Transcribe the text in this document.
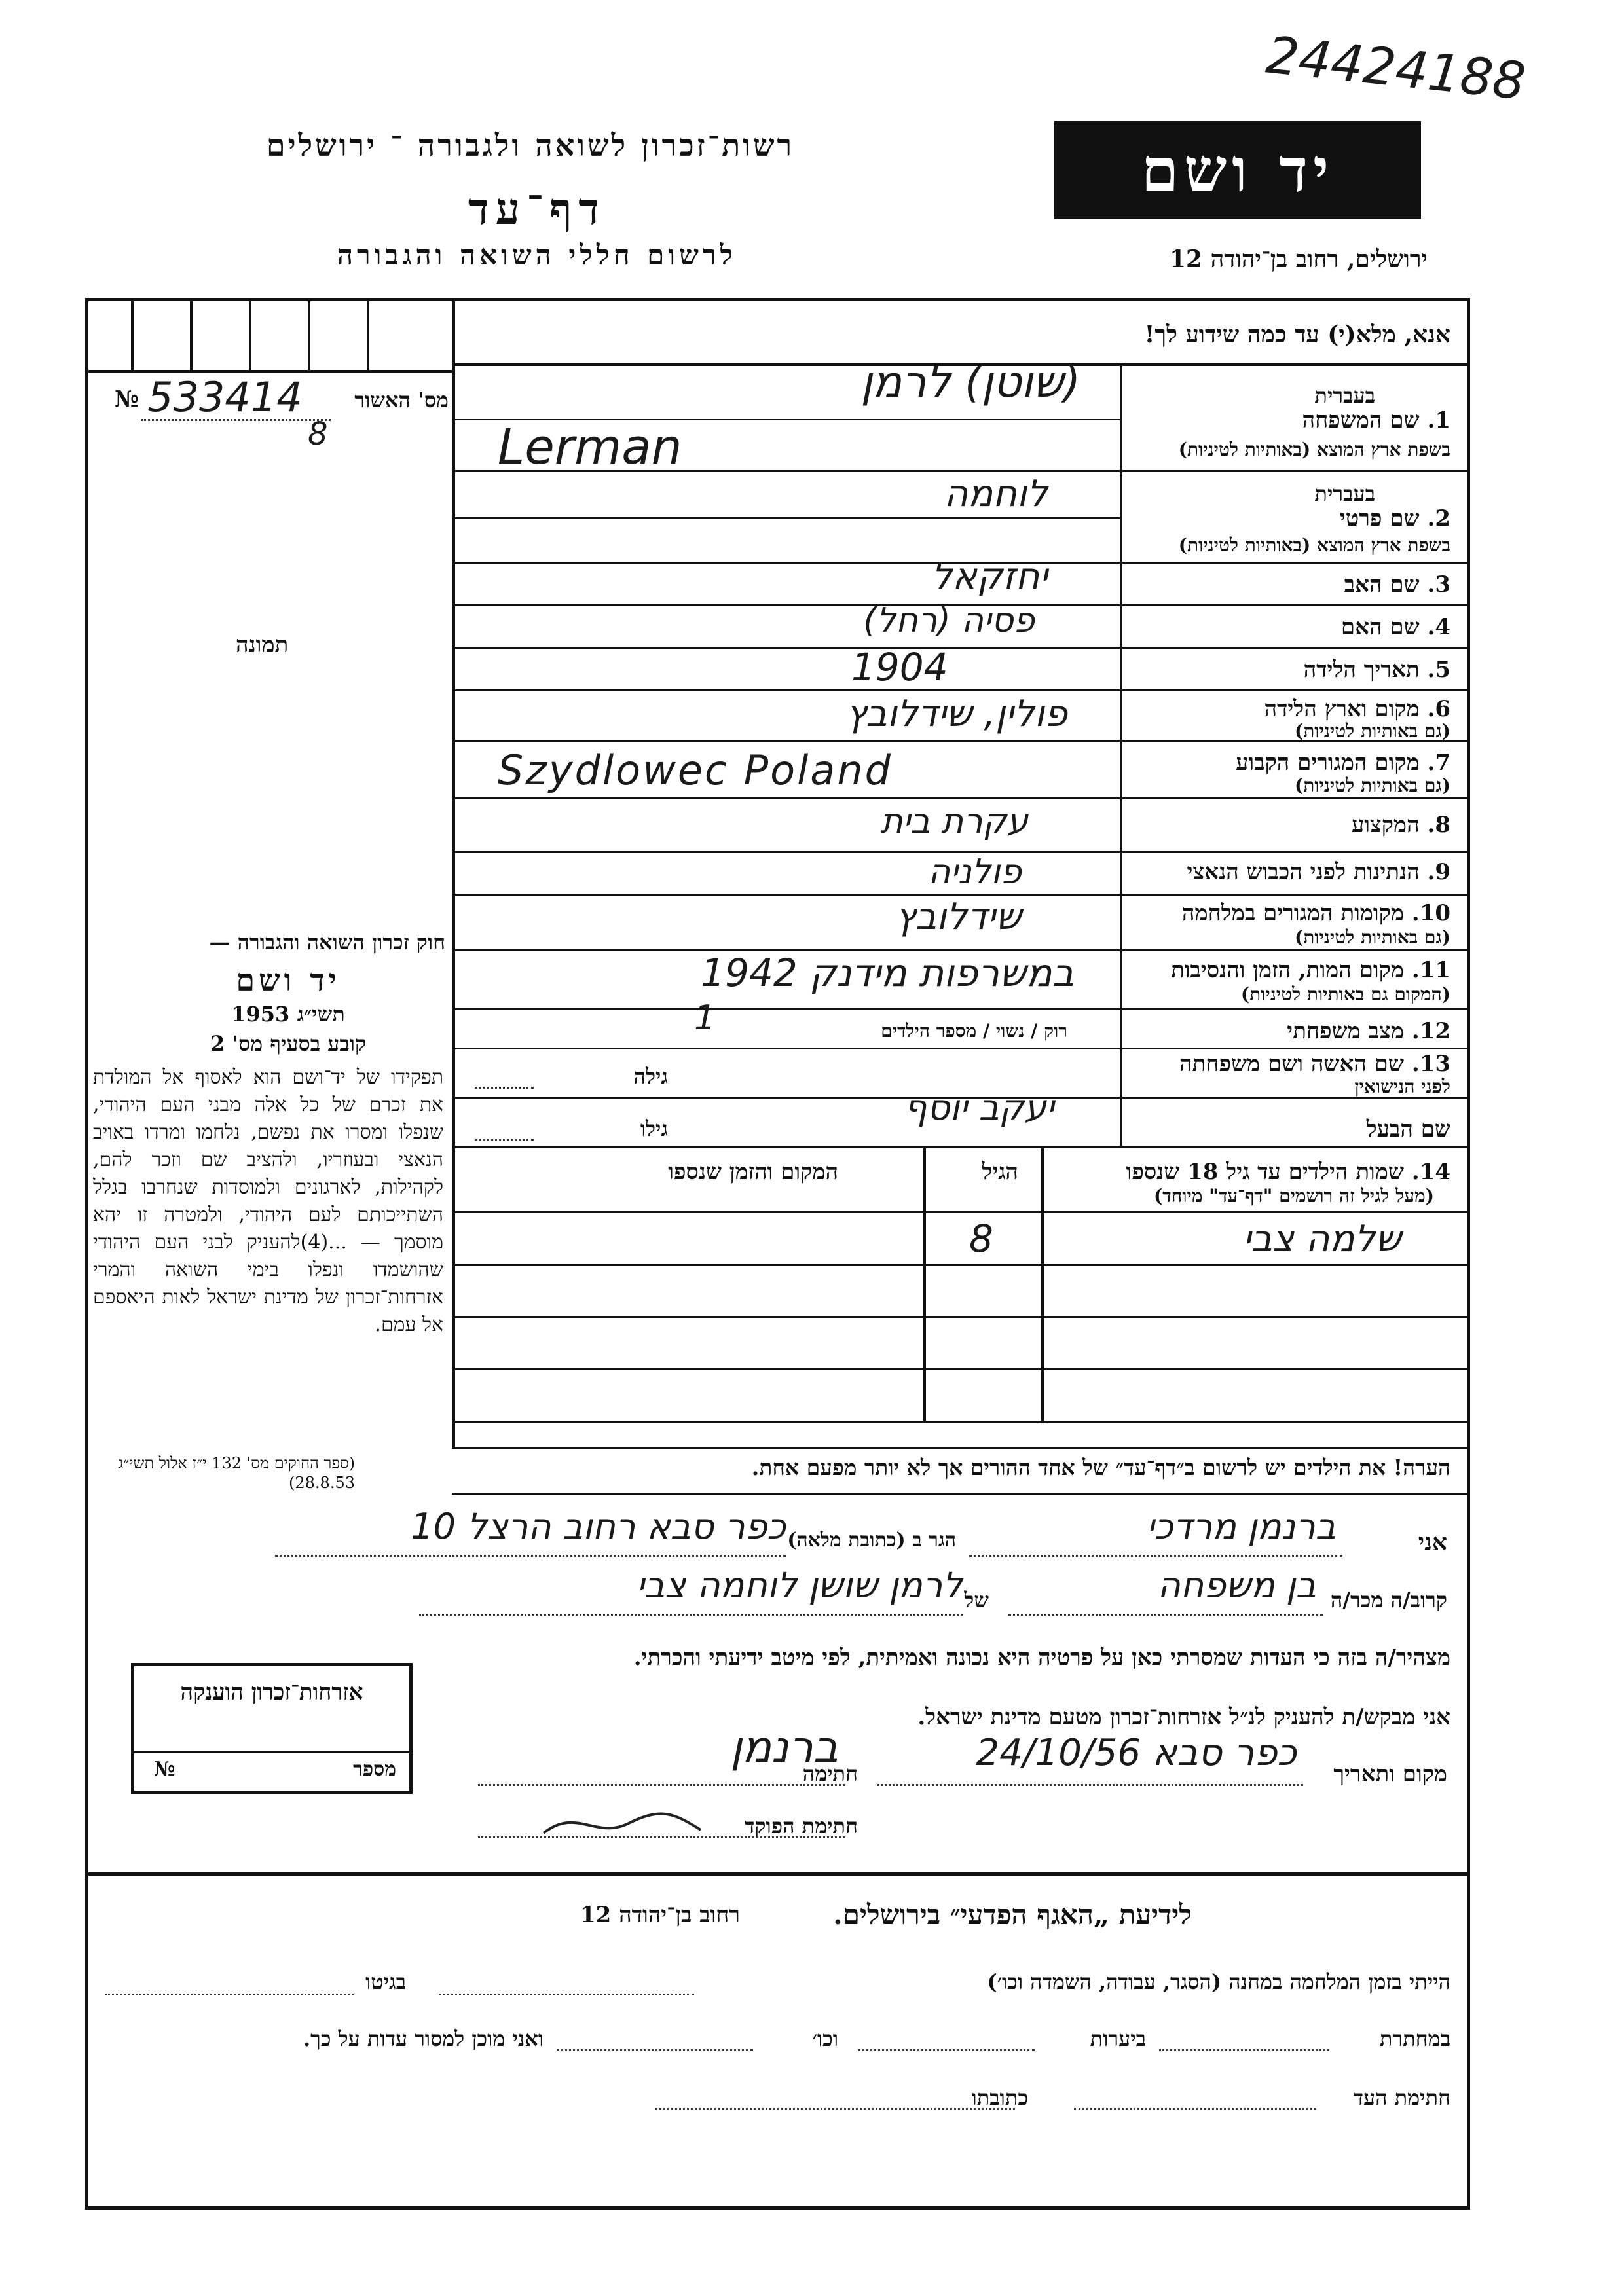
24424188
רשות־זכרון לשואה ולגבורה ־ ירושלים
דף־עד
לרשום חללי השואה והגבורה
יד ושם
ירושלים, רחוב בן־יהודה 12
אנא, מלא(י) עד כמה שידוע לך!
מס' האשור
№ 533414
8
תמונה
בעברית
1. שם המשפחה
בשפת ארץ המוצא (באותיות לטיניות)
(שוטן) לרמן
Lerman
בעברית
2. שם פרטי
בשפת ארץ המוצא (באותיות לטיניות)
לוחמה
3. שם האב
יחזקאל
4. שם האם
פסיה (רחל)
5. תאריך הלידה
1904
6. מקום וארץ הלידה
(גם באותיות לטיניות)
פולין, שידלובץ
7. מקום המגורים הקבוע
(גם באותיות לטיניות)
Szydlowec Poland
8. המקצוע
עקרת בית
9. הנתינות לפני הכבוש הנאצי
פולניה
10. מקומות המגורים במלחמה
(גם באותיות לטיניות)
שידלובץ
11. מקום המות, הזמן והנסיבות
(המקום גם באותיות לטיניות)
במשרפות מידנק 1942
12. מצב משפחתי
רוק / נשוי / מספר הילדים
1
13. שם האשה ושם משפחתה
לפני הנישואין
גילה
שם הבעל
גילו
יעקב יוסף
14. שמות הילדים עד גיל 18 שנספו
(מעל לגיל זה רושמים "דף־עד" מיוחד)
הגיל
המקום והזמן שנספו
שלמה צבי
8
הערה! את הילדים יש לרשום ב״דף־עד״ של אחד ההורים אך לא יותר מפעם אחת.
חוק זכרון השואה והגבורה —
יד ושם
תשי״ג 1953
קובע בסעיף מס' 2
תפקידו של יד־ושם הוא לאסוף אל המולדת את זכרם של כל אלה מבני העם היהודי, שנפלו ומסרו את נפשם, נלחמו ומרדו באויב הנאצי ובעוזריו, ולהציב שם וזכר להם, לקהילות, לארגונים ולמוסדות שנחרבו בגלל השתייכותם לעם היהודי, ולמטרה זו יהא מוסמך — ...(4)להעניק לבני העם היהודי שהושמדו ונפלו בימי השואה והמרי אזרחות־זכרון של מדינת ישראל לאות היאספם אל עמם.
(ספר החוקים מס' 132 י״ז אלול תשי״ג 28.8.53)
אני
ברנמן מרדכי
הגר ב (כתובת מלאה)
כפר סבא רחוב הרצל 10
קרוב/ה מכר/ה
בן משפחה
של
לרמן שושן לוחמה צבי
מצהיר/ה בזה כי העדות שמסרתי כאן על פרטיה היא נכונה ואמיתית, לפי מיטב ידיעתי והכרתי.
אני מבקש/ת להעניק לנ״ל אזרחות־זכרון מטעם מדינת ישראל.
מקום ותאריך
כפר סבא 24/10/56
חתימה
ברנמן
חתימת הפוקד
אזרחות־זכרון הוענקה
№	מספר
לידיעת „האגף הפדעי״ בירושלים.
רחוב בן־יהודה 12
הייתי בזמן המלחמה במחנה (הסגר, עבודה, השמדה וכו׳)
בגיטו
במחתרת
ביערות
וכו׳
ואני מוכן למסור עדות על כך.
חתימת העד
כתובתו
